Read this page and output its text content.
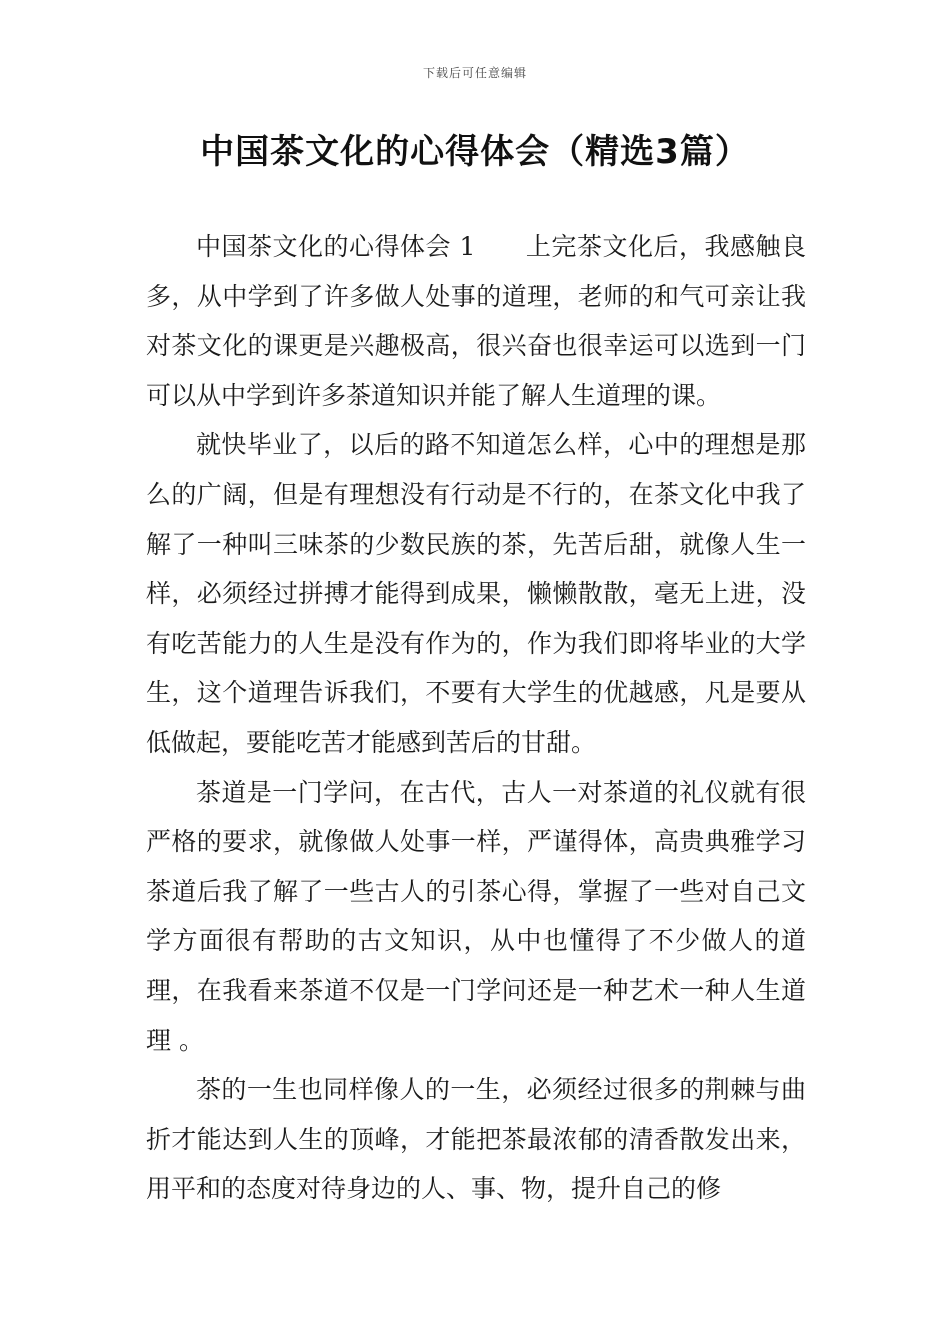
下载后可任意编辑
中国茶文化的心得体会（精选3篇）

中国茶文化的心得体会 1 上完茶文化后，我感触良多，从中学到了许多做人处事的道理，老师的和气可亲让我对茶文化的课更是兴趣极高，很兴奋也很幸运可以选到一门可以从中学到许多茶道知识并能了解人生道理的课。

就快毕业了，以后的路不知道怎么样，心中的理想是那么的广阔，但是有理想没有行动是不行的，在茶文化中我了解了一种叫三味茶的少数民族的茶，先苦后甜，就像人生一样，必须经过拼搏才能得到成果，懒懒散散，毫无上进，没有吃苦能力的人生是没有作为的，作为我们即将毕业的大学生，这个道理告诉我们，不要有大学生的优越感，凡是要从低做起，要能吃苦才能感到苦后的甘甜。

茶道是一门学问，在古代，古人一对茶道的礼仪就有很严格的要求，就像做人处事一样，严谨得体，高贵典雅学习茶道后我了解了一些古人的引茶心得，掌握了一些对自己文学方面很有帮助的古文知识，从中也懂得了不少做人的道理，在我看来茶道不仅是一门学问还是一种艺术一种人生道理 。

茶的一生也同样像人的一生，必须经过很多的荆棘与曲折才能达到人生的顶峰，才能把茶最浓郁的清香散发出来，用平和的态度对待身边的人、事、物，提升自己的修
